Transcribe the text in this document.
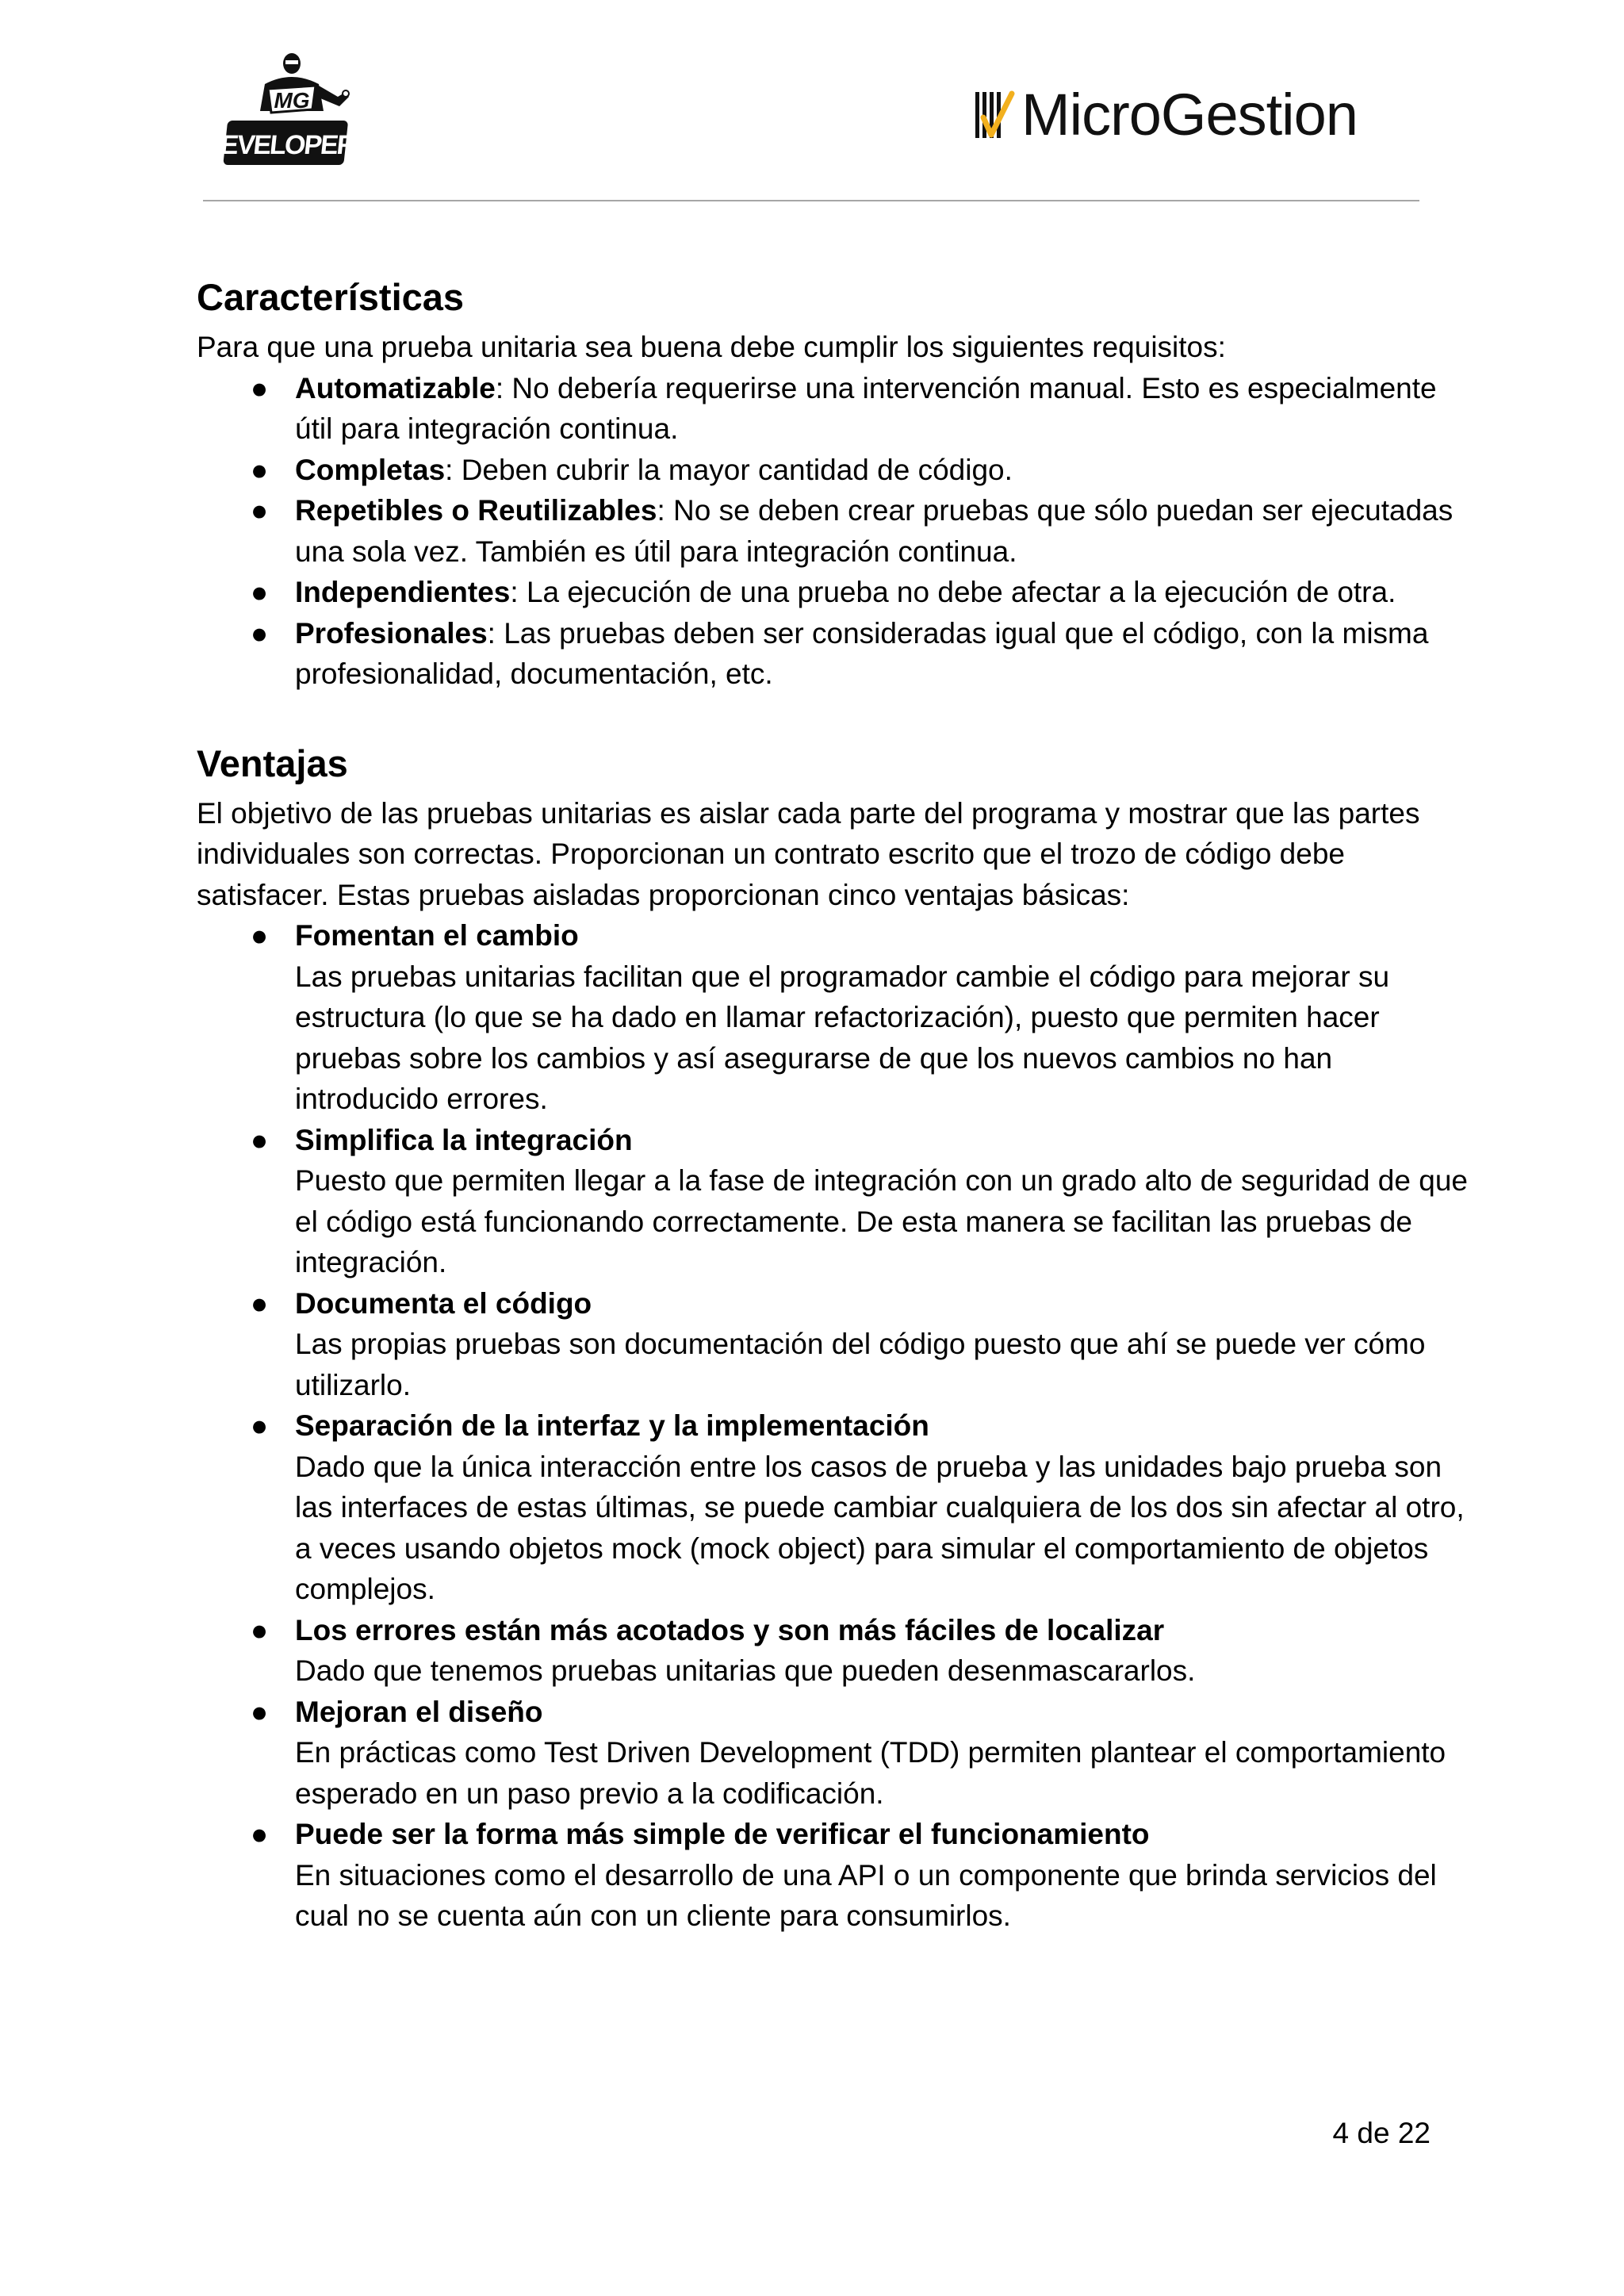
MG
DEVELOPERS	MicroGestion
Características

Para que una prueba unitaria sea buena debe cumplir los siguientes requisitos:

● Automatizable: No debería requerirse una intervención manual. Esto es especialmente útil para integración continua.
● Completas: Deben cubrir la mayor cantidad de código.
● Repetibles o Reutilizables: No se deben crear pruebas que sólo puedan ser ejecutadas una sola vez. También es útil para integración continua.
● Independientes: La ejecución de una prueba no debe afectar a la ejecución de otra.
● Profesionales: Las pruebas deben ser consideradas igual que el código, con la misma profesionalidad, documentación, etc.
Ventajas

El objetivo de las pruebas unitarias es aislar cada parte del programa y mostrar que las partes individuales son correctas. Proporcionan un contrato escrito que el trozo de código debe satisfacer. Estas pruebas aisladas proporcionan cinco ventajas básicas:

● Fomentan el cambio
Las pruebas unitarias facilitan que el programador cambie el código para mejorar su estructura (lo que se ha dado en llamar refactorización), puesto que permiten hacer pruebas sobre los cambios y así asegurarse de que los nuevos cambios no han introducido errores.
● Simplifica la integración
Puesto que permiten llegar a la fase de integración con un grado alto de seguridad de que el código está funcionando correctamente. De esta manera se facilitan las pruebas de integración.
● Documenta el código
Las propias pruebas son documentación del código puesto que ahí se puede ver cómo utilizarlo.
● Separación de la interfaz y la implementación
Dado que la única interacción entre los casos de prueba y las unidades bajo prueba son las interfaces de estas últimas, se puede cambiar cualquiera de los dos sin afectar al otro, a veces usando objetos mock (mock object) para simular el comportamiento de objetos complejos.
● Los errores están más acotados y son más fáciles de localizar
Dado que tenemos pruebas unitarias que pueden desenmascararlos.
● Mejoran el diseño
En prácticas como Test Driven Development (TDD) permiten plantear el comportamiento esperado en un paso previo a la codificación.
● Puede ser la forma más simple de verificar el funcionamiento
En situaciones como el desarrollo de una API o un componente que brinda servicios del cual no se cuenta aún con un cliente para consumirlos.
4 de 22
